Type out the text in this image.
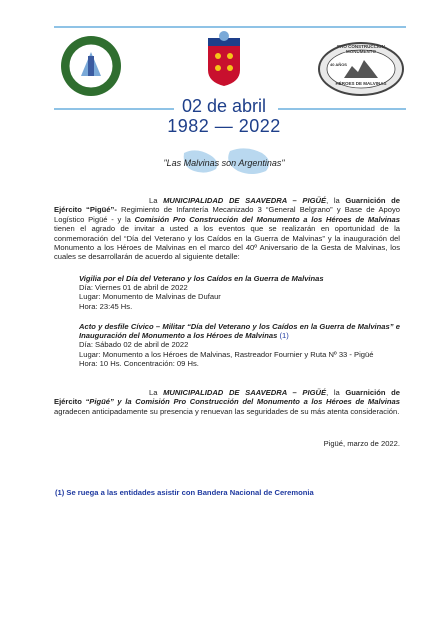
PRO CONSTRUCCION MONUMENTO
40 AÑOS
HÉROES DE MALVINAS
02 de abril
1982 — 2022
"Las Malvinas son Argentinas"
La MUNICIPALIDAD DE SAAVEDRA – PIGÜÉ, la Guarnición de Ejército “Pigüé”- Regimiento de Infantería Mecanizado 3 “General Belgrano” y Base de Apoyo Logístico Pigüé - y la Comisión Pro Construcción del Monumento a los Héroes de Malvinas tienen el agrado de invitar a usted a los eventos que se realizarán en oportunidad de la conmemoración del “Día del Veterano y los Caídos en la Guerra de Malvinas” y la inauguración del Monumento a los Héroes de Malvinas en el marco del 40º Aniversario de la Gesta de Malvinas, los cuales se desarrollarán de acuerdo al siguiente detalle:
Vigilia por el Día del Veterano y los Caídos en la Guerra de Malvinas
Día: Viernes 01 de abril de 2022
Lugar: Monumento de Malvinas de Dufaur
Hora: 23:45 Hs.
Acto y desfile Cívico – Militar “Día del Veterano y los Caídos en la Guerra de Malvinas” e Inauguración del Monumento a los Héroes de Malvinas (1)
Día: Sábado 02 de abril de 2022
Lugar: Monumento a los Héroes de Malvinas, Rastreador Fournier y Ruta Nº 33 - Pigüé
Hora: 10 Hs. Concentración: 09 Hs.
La MUNICIPALIDAD DE SAAVEDRA – PIGÜÉ, la Guarnición de Ejército “Pigüé” y la Comisión Pro Construcción del Monumento a los Héroes de Malvinas agradecen anticipadamente su presencia y renuevan las seguridades de su más atenta consideración.
Pigüé, marzo de 2022.
(1) Se ruega a las entidades asistir con Bandera Nacional de Ceremonia
